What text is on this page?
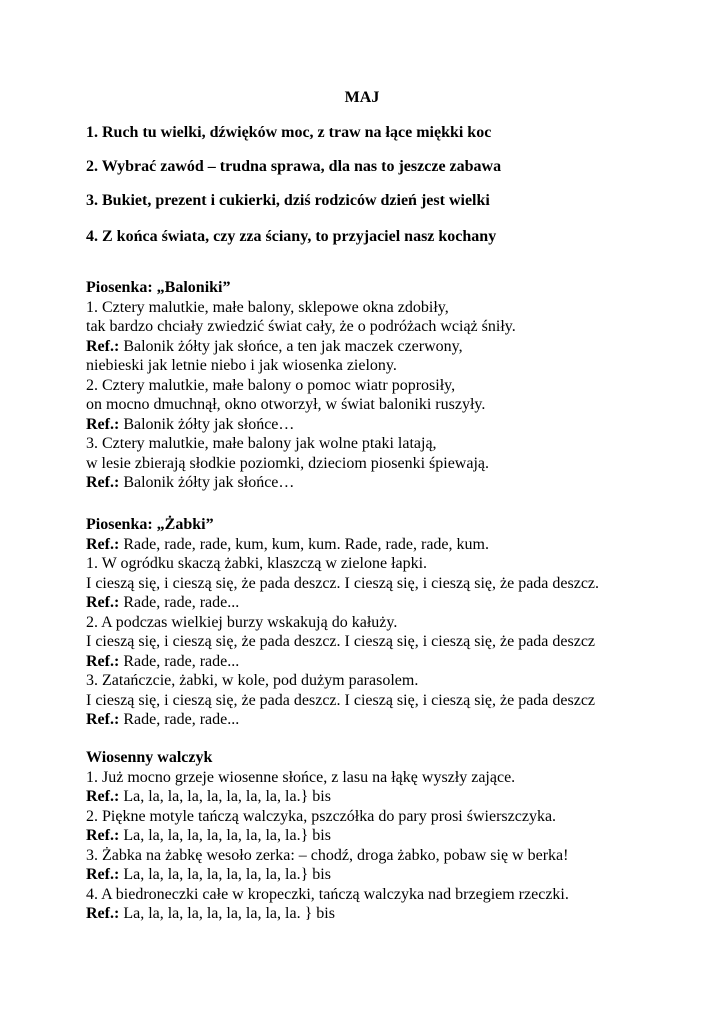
MAJ
1. Ruch tu wielki, dźwięków moc, z traw na łące miękki koc
2. Wybrać zawód – trudna sprawa, dla nas to jeszcze zabawa
3. Bukiet, prezent i cukierki, dziś rodziców dzień jest wielki
4. Z końca świata, czy zza ściany, to przyjaciel nasz kochany
Piosenka: „Baloniki”
1. Cztery malutkie, małe balony, sklepowe okna zdobiły,
tak bardzo chciały zwiedzić świat cały, że o podróżach wciąż śniły.
Ref.: Balonik żółty jak słońce, a ten jak maczek czerwony,
niebieski jak letnie niebo i jak wiosenka zielony.
2. Cztery malutkie, małe balony o pomoc wiatr poprosiły,
on mocno dmuchnął, okno otworzył, w świat baloniki ruszyły.
Ref.: Balonik żółty jak słońce…
3. Cztery malutkie, małe balony jak wolne ptaki latają,
w lesie zbierają słodkie poziomki, dzieciom piosenki śpiewają.
Ref.: Balonik żółty jak słońce…
Piosenka: „Żabki”
Ref.: Rade, rade, rade, kum, kum, kum. Rade, rade, rade, kum.
1. W ogródku skaczą żabki, klaszczą w zielone łapki.
I cieszą się, i cieszą się, że pada deszcz. I cieszą się, i cieszą się, że pada deszcz.
Ref.: Rade, rade, rade...
2. A podczas wielkiej burzy wskakują do kałuży.
I cieszą się, i cieszą się, że pada deszcz. I cieszą się, i cieszą się, że pada deszcz
Ref.: Rade, rade, rade...
3. Zatańczcie, żabki, w kole, pod dużym parasolem.
I cieszą się, i cieszą się, że pada deszcz. I cieszą się, i cieszą się, że pada deszcz
Ref.: Rade, rade, rade...
Wiosenny walczyk
1. Już mocno grzeje wiosenne słońce, z lasu na łąkę wyszły zające.
Ref.: La, la, la, la, la, la, la, la, la.} bis
2. Piękne motyle tańczą walczyka, pszczółka do pary prosi świerszczyka.
Ref.: La, la, la, la, la, la, la, la, la.} bis
3. Żabka na żabkę wesoło zerka: – chodź, droga żabko, pobaw się w berka!
Ref.: La, la, la, la, la, la, la, la, la.} bis
4. A biedroneczki całe w kropeczki, tańczą walczyka nad brzegiem rzeczki.
Ref.: La, la, la, la, la, la, la, la, la. } bis
